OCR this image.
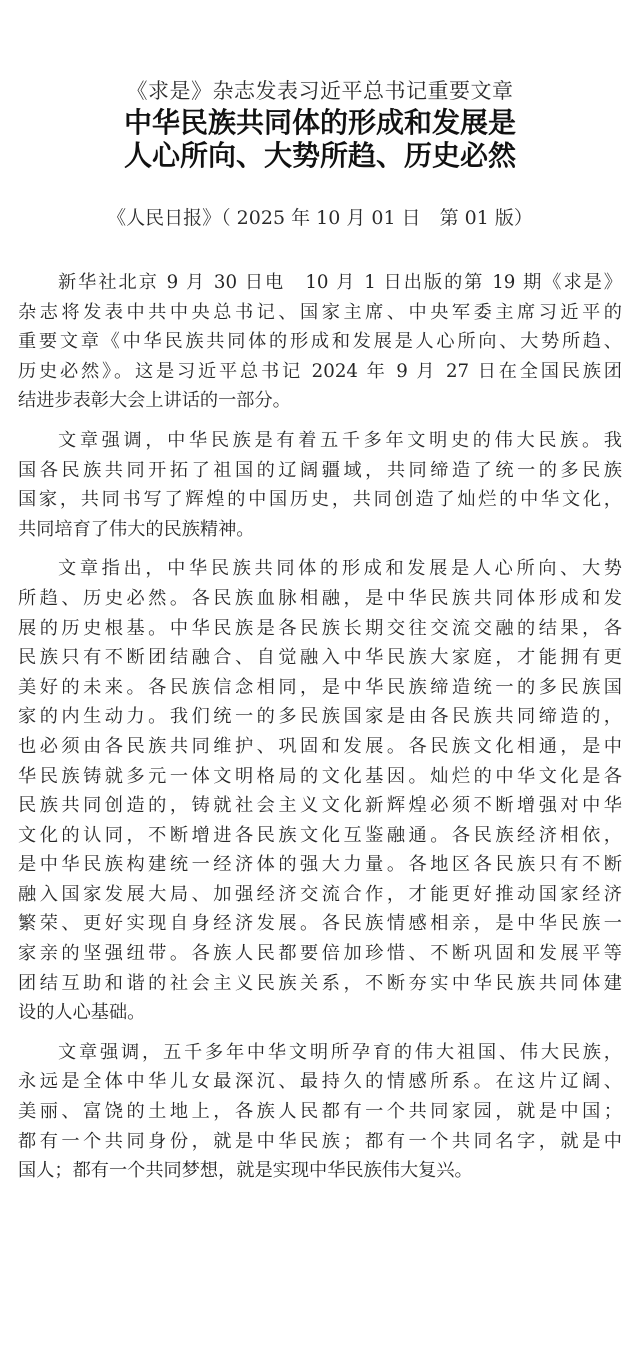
《求是》杂志发表习近平总书记重要文章
中华民族共同体的形成和发展是
人心所向、大势所趋、历史必然
《人民日报》（ 2025 年 10 月 01 日　第 01 版）
新华社北京 9 月 30 日电　10 月 1 日出版的第 19 期《求是》
杂志将发表中共中央总书记、国家主席、中央军委主席习近平的
重要文章《中华民族共同体的形成和发展是人心所向、大势所趋、
历史必然》。这是习近平总书记 2024 年 9 月 27 日在全国民族团
结进步表彰大会上讲话的一部分。
文章强调，中华民族是有着五千多年文明史的伟大民族。我
国各民族共同开拓了祖国的辽阔疆域，共同缔造了统一的多民族
国家，共同书写了辉煌的中国历史，共同创造了灿烂的中华文化，
共同培育了伟大的民族精神。
文章指出，中华民族共同体的形成和发展是人心所向、大势
所趋、历史必然。各民族血脉相融，是中华民族共同体形成和发
展的历史根基。中华民族是各民族长期交往交流交融的结果，各
民族只有不断团结融合、自觉融入中华民族大家庭，才能拥有更
美好的未来。各民族信念相同，是中华民族缔造统一的多民族国
家的内生动力。我们统一的多民族国家是由各民族共同缔造的，
也必须由各民族共同维护、巩固和发展。各民族文化相通，是中
华民族铸就多元一体文明格局的文化基因。灿烂的中华文化是各
民族共同创造的，铸就社会主义文化新辉煌必须不断增强对中华
文化的认同，不断增进各民族文化互鉴融通。各民族经济相依，
是中华民族构建统一经济体的强大力量。各地区各民族只有不断
融入国家发展大局、加强经济交流合作，才能更好推动国家经济
繁荣、更好实现自身经济发展。各民族情感相亲，是中华民族一
家亲的坚强纽带。各族人民都要倍加珍惜、不断巩固和发展平等
团结互助和谐的社会主义民族关系，不断夯实中华民族共同体建
设的人心基础。
文章强调，五千多年中华文明所孕育的伟大祖国、伟大民族，
永远是全体中华儿女最深沉、最持久的情感所系。在这片辽阔、
美丽、富饶的土地上，各族人民都有一个共同家园，就是中国；
都有一个共同身份，就是中华民族；都有一个共同名字，就是中
国人；都有一个共同梦想，就是实现中华民族伟大复兴。
